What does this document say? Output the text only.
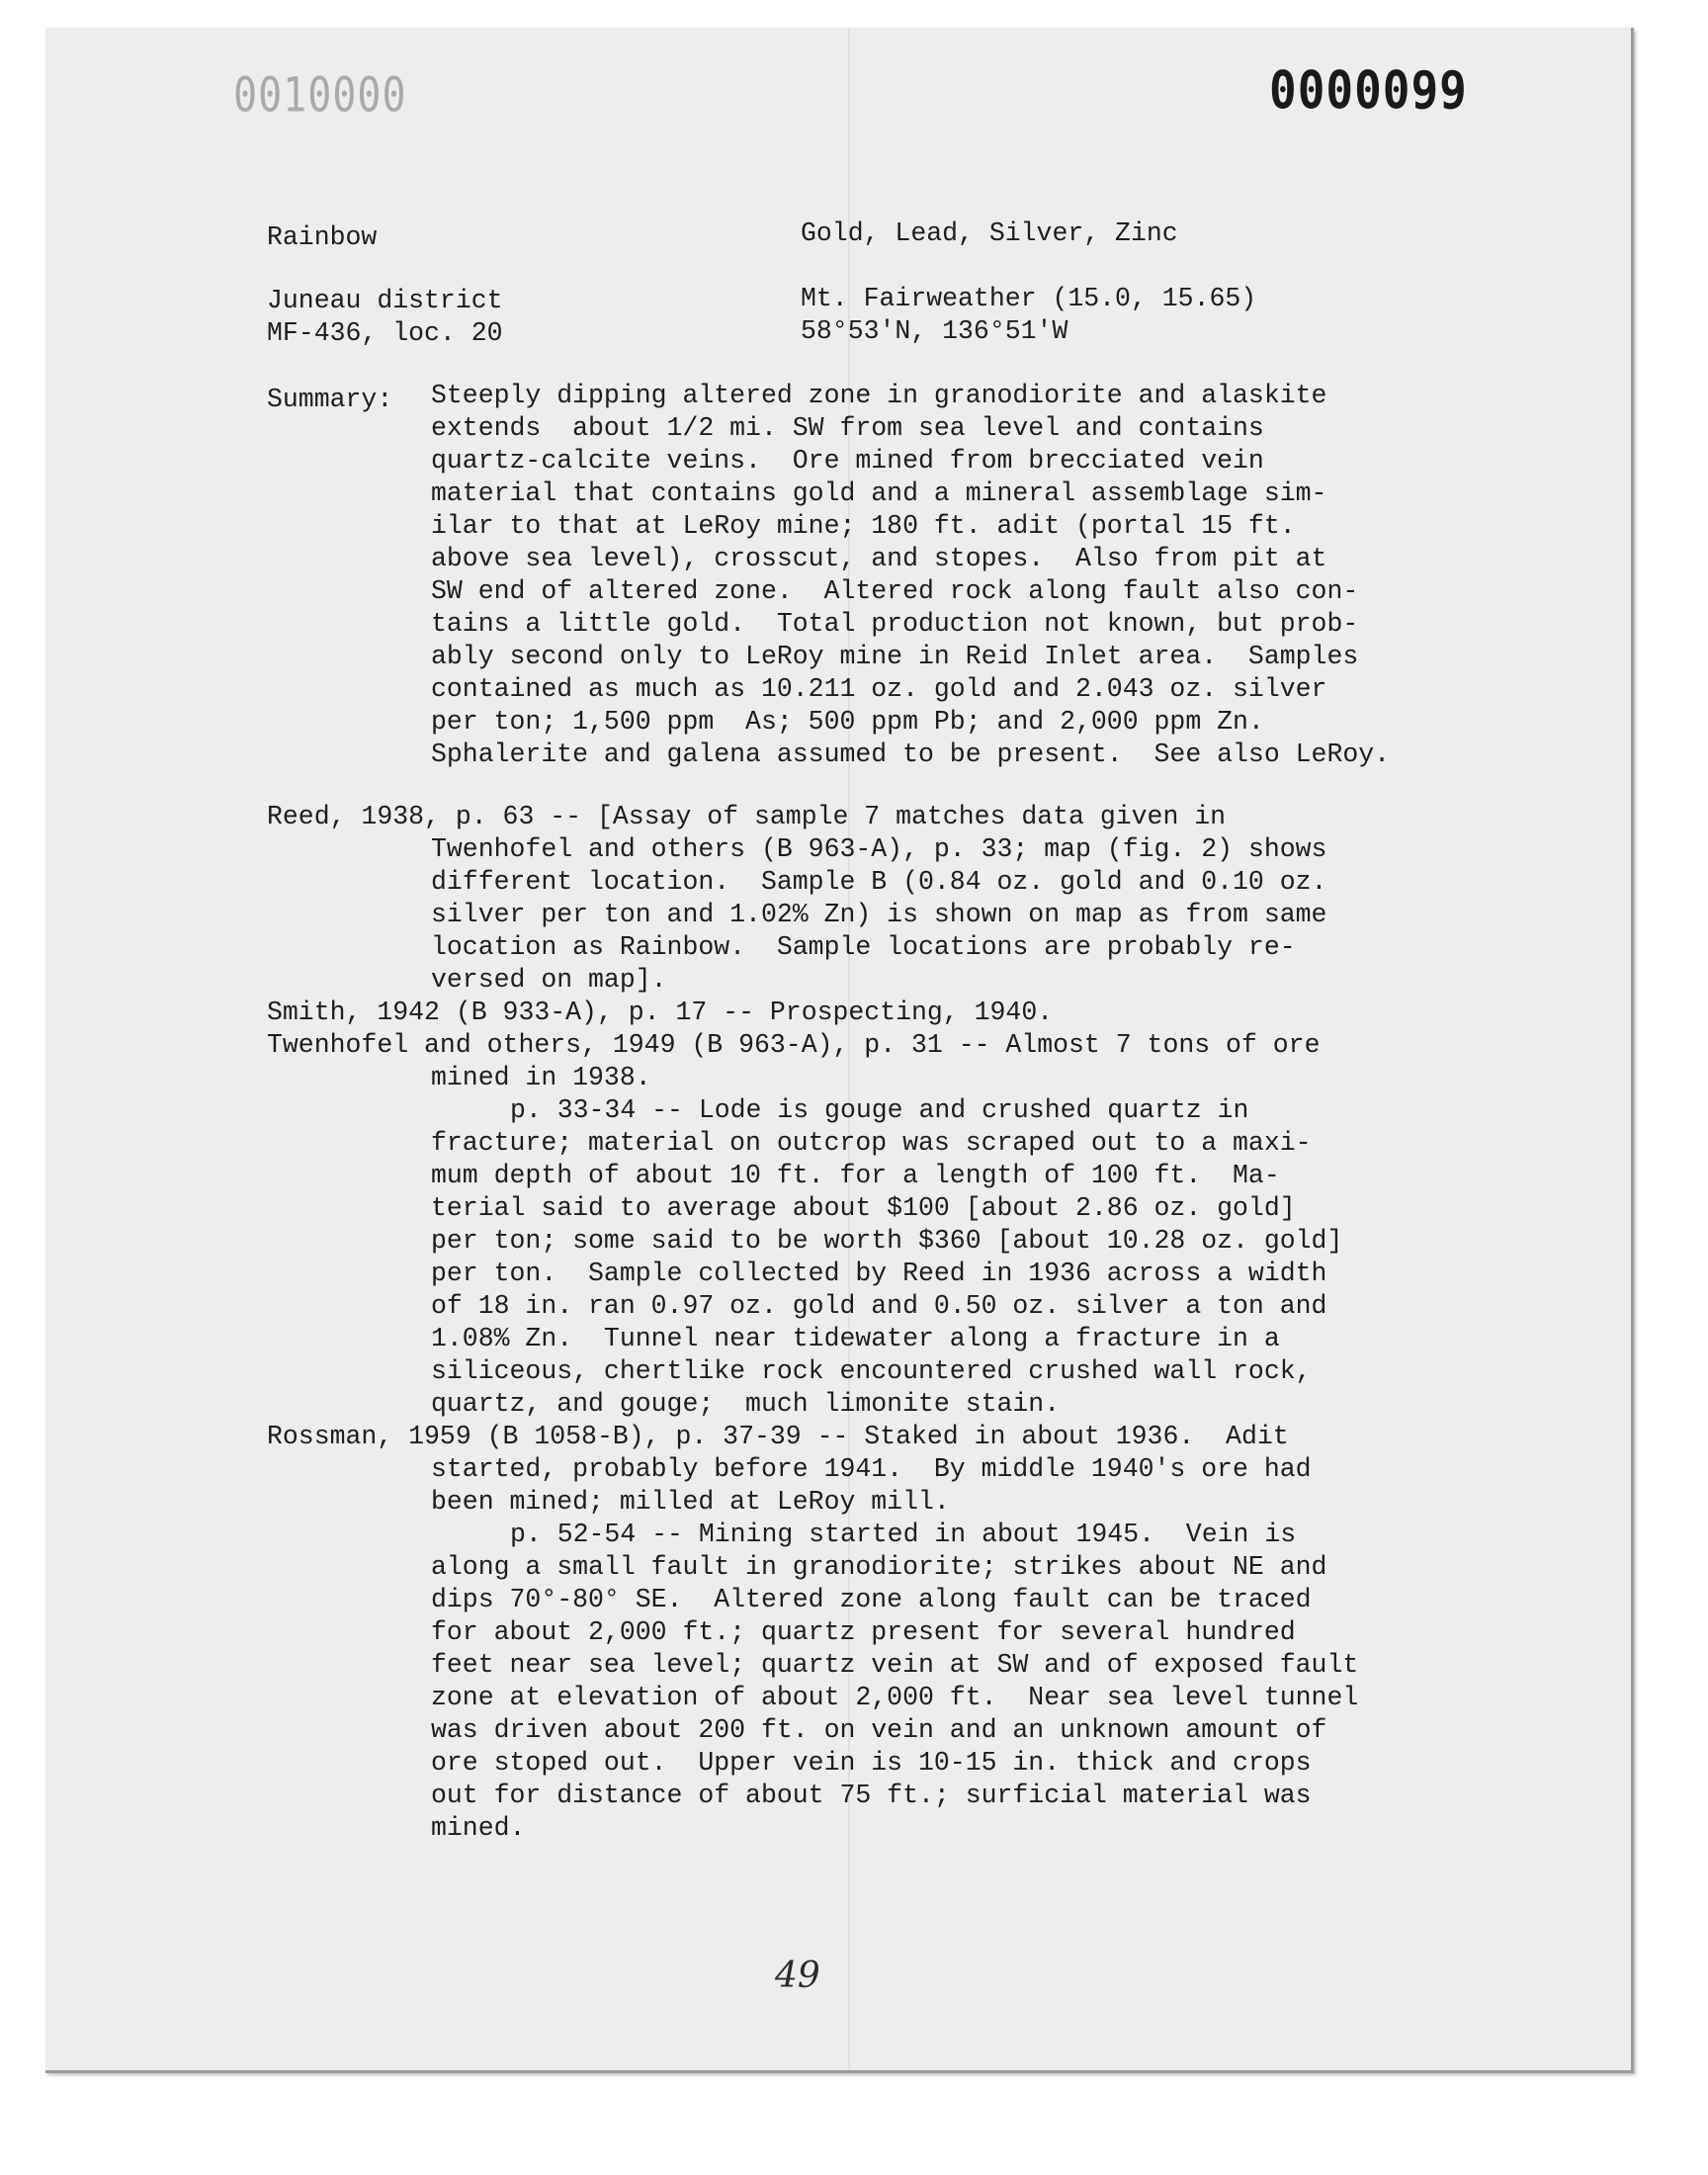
0010000	0000099
Rainbow	Gold, Lead, Silver, Zinc
Juneau district	Mt. Fairweather (15.0, 15.65)
MF-436, loc. 20	58°53'N, 136°51'W
Summary: Steeply dipping altered zone in granodiorite and alaskite
extends  about 1/2 mi. SW from sea level and contains
quartz-calcite veins.  Ore mined from brecciated vein
material that contains gold and a mineral assemblage sim-
ilar to that at LeRoy mine; 180 ft. adit (portal 15 ft.
above sea level), crosscut, and stopes.  Also from pit at
SW end of altered zone.  Altered rock along fault also con-
tains a little gold.  Total production not known, but prob-
ably second only to LeRoy mine in Reid Inlet area.  Samples
contained as much as 10.211 oz. gold and 2.043 oz. silver
per ton; 1,500 ppm  As; 500 ppm Pb; and 2,000 ppm Zn.
Sphalerite and galena assumed to be present.  See also LeRoy.
Reed, 1938, p. 63 -- [Assay of sample 7 matches data given in
Twenhofel and others (B 963-A), p. 33; map (fig. 2) shows
different location.  Sample B (0.84 oz. gold and 0.10 oz.
silver per ton and 1.02% Zn) is shown on map as from same
location as Rainbow.  Sample locations are probably re-
versed on map].
Smith, 1942 (B 933-A), p. 17 -- Prospecting, 1940.
Twenhofel and others, 1949 (B 963-A), p. 31 -- Almost 7 tons of ore
mined in 1938.
p. 33-34 -- Lode is gouge and crushed quartz in
fracture; material on outcrop was scraped out to a maxi-
mum depth of about 10 ft. for a length of 100 ft.  Ma-
terial said to average about $100 [about 2.86 oz. gold]
per ton; some said to be worth $360 [about 10.28 oz. gold]
per ton.  Sample collected by Reed in 1936 across a width
of 18 in. ran 0.97 oz. gold and 0.50 oz. silver a ton and
1.08% Zn.  Tunnel near tidewater along a fracture in a
siliceous, chertlike rock encountered crushed wall rock,
quartz, and gouge;  much limonite stain.
Rossman, 1959 (B 1058-B), p. 37-39 -- Staked in about 1936.  Adit
started, probably before 1941.  By middle 1940's ore had
been mined; milled at LeRoy mill.
p. 52-54 -- Mining started in about 1945.  Vein is
along a small fault in granodiorite; strikes about NE and
dips 70°-80° SE.  Altered zone along fault can be traced
for about 2,000 ft.; quartz present for several hundred
feet near sea level; quartz vein at SW and of exposed fault
zone at elevation of about 2,000 ft.  Near sea level tunnel
was driven about 200 ft. on vein and an unknown amount of
ore stoped out.  Upper vein is 10-15 in. thick and crops
out for distance of about 75 ft.; surficial material was
mined.
49
